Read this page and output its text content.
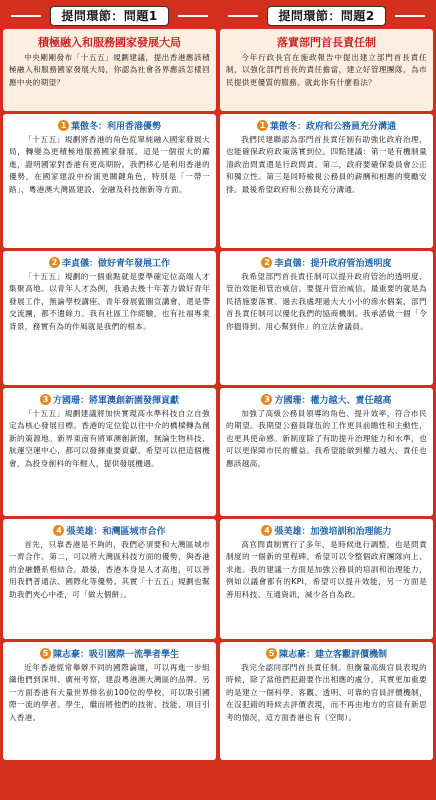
提問環節：問題1
積極融入和服務國家發展大局

中央剛剛發布「十五五」規劃建議，提出香港應該積極融入和服務國家發展大局，你認為社會各界應該怎樣回應中央的期望？

1 葉傲冬：利用香港優勢

「十五五」規劃將香港的角色從單純融入國家發展大局，轉變為更積極地服務國家發展。這是一個很大的躍進，證明國家對香港有更高期盼。我們移心是利用香港的優勢，在國家建設中扮演更關鍵角色，特別是「一帶一路」、粵港澳大灣區建設、金融及科技創新等方面。

2 李貞儀：做好青年發展工作

「十五五」規劃的一個重點就是要準確定位高端人才集聚高地。以青年人才為例，我過去幾十年著力做好青年發展工作，無論學校講座、青年發展藍圖宣講會，還是帶交流團，都不遺餘力。我有社區工作經驗，也有社福專業背景，務實有為的作風就是我們的根本。

3 方國珊：將軍澳創新園發揮貢獻

「十五五」規劃建議將加快實現高水準科技自立自強定為核心發展目標。香港的定位從以往中介的橋樑轉為創新的策源地。新界東南有將軍澳創新園，無論生物科技、航運空運中心，都可以發揮重要貢獻。希望可以把這個機會，為投身創科的年輕人，提供發展機遇。

4 張美雄：和灣區城市合作

首先，只靠香港是不夠的，我們必須要和大灣區城市一齊合作。第二，可以將大灣區科技方面的優勢，與香港的金融體系相結合。最後，香港本身是人才高地，可以善用我們普通法、國際化等優勢。其實「十五五」規劃也幫助我們夾心中產，可「做大個餅」。

5 陳志豪：吸引國際一流學者學生

近年香港經常舉辦不同的國際論壇，可以再進一步組織他們到深圳、廣州考察，建設粵港澳大灣區的品牌。另一方面香港有大量世界排名前100位的學校，可以吸引國際一流的學者、學生，繼而將他們的技術、技能、項目引入香港。

提問環節：問題2
落實部門首長責任制

今年行政長官在施政報告中提出建立部門首長責任制，以強化部門首長的責任擔當，建立好管理團隊，為市民提供更優質的服務。就此你有什麼看法？

1 葉傲冬：政府和公務員充分溝通

我們民建聯認為部門首長責任制有助強化政府治理，也能確保政府政策落實到位。四點建議：第一是有機制量清政治問責還是行政問責。第二，政府要確保委員會公正和獨立性。第三是同時檢視公務員的薪酬和相應的獎勵安排。最後希望政府和公務員充分溝通。

2 李貞儀：提升政府管治透明度

我希望部門首長責任制可以提升政府管治的透明度、管治效能和管治威信。要提升管治威信，最重要的就是為民措施要落實。過去我處理過大大小小的滲水個案，部門首長責任制可以優化我們的協商機制。我承諾做一個「令你搵得到、用心幫到你」的立法會議員。

3 方國珊：權力越大、責任越高

加強了高級公務員領導的角色、提升效率，符合市民的期望。我期望公務員隊伍的工作更具前瞻性和主動性，也更具使命感。新制度除了有助提升治理能力和水準，也可以更保障市民的權益。我希望能做到權力越大、責任也應該越高。

4 張美雄：加強培訓和治理能力

高官問責制實行了多年，是時候進行調整，也是問責制度的一個新的里程碑。希望可以令整個政府團隊向上、求進。我的建議一方面是加強公務員的培訓和治理能力，例如以議會都有的KPI，希望可以提升效能，另一方面是善用科技、互通資訊，減少各自為政。

5 陳志豪：建立客觀評價機制

我完全認同部門首長責任制。但衡量高級官員表現的時候，除了當他們犯錯要作出相應的處分，其實更加重要的是建立一個科學、客觀、透明、可靠的官員評價機制，在沒犯錯的時候去評價表現，而不再由地方的官員有新思考的情況，這方面香港也有（空間）。
